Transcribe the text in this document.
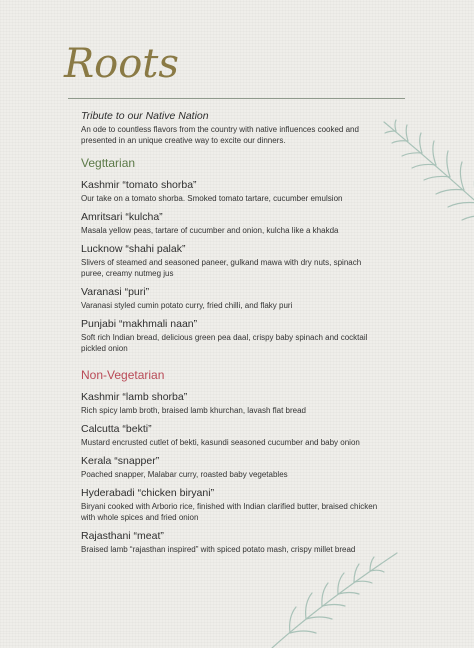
Roots

Tribute to our Native Nation

An ode to countless flavors from the country with native influences cooked and presented in an unique creative way to excite our dinners.

Vegttarian

Kashmir “tomato shorba”

Our take on a tomato shorba. Smoked tomato tartare, cucumber emulsion

Amritsari “kulcha”

Masala yellow peas, tartare of cucumber and onion, kulcha like a khakda

Lucknow “shahi palak”

Slivers of steamed and seasoned paneer, gulkand mawa with dry nuts, spinach puree, creamy nutmeg jus

Varanasi “puri”

Varanasi styled cumin potato curry, fried chilli, and flaky puri

Punjabi “makhmali naan”

Soft rich Indian bread, delicious green pea daal, crispy baby spinach and cocktail pickled onion

Non-Vegetarian

Kashmir “lamb shorba”

Rich spicy lamb broth, braised lamb khurchan, lavash flat bread

Calcutta “bekti”

Mustard encrusted cutlet of bekti, kasundi seasoned cucumber and baby onion

Kerala “snapper”

Poached snapper, Malabar curry, roasted baby vegetables

Hyderabadi “chicken biryani”

Biryani cooked with Arborio rice, finished with Indian clarified butter, braised chicken with whole spices and fried onion

Rajasthani “meat”

Braised lamb “rajasthan inspired” with spiced potato mash, crispy millet bread
